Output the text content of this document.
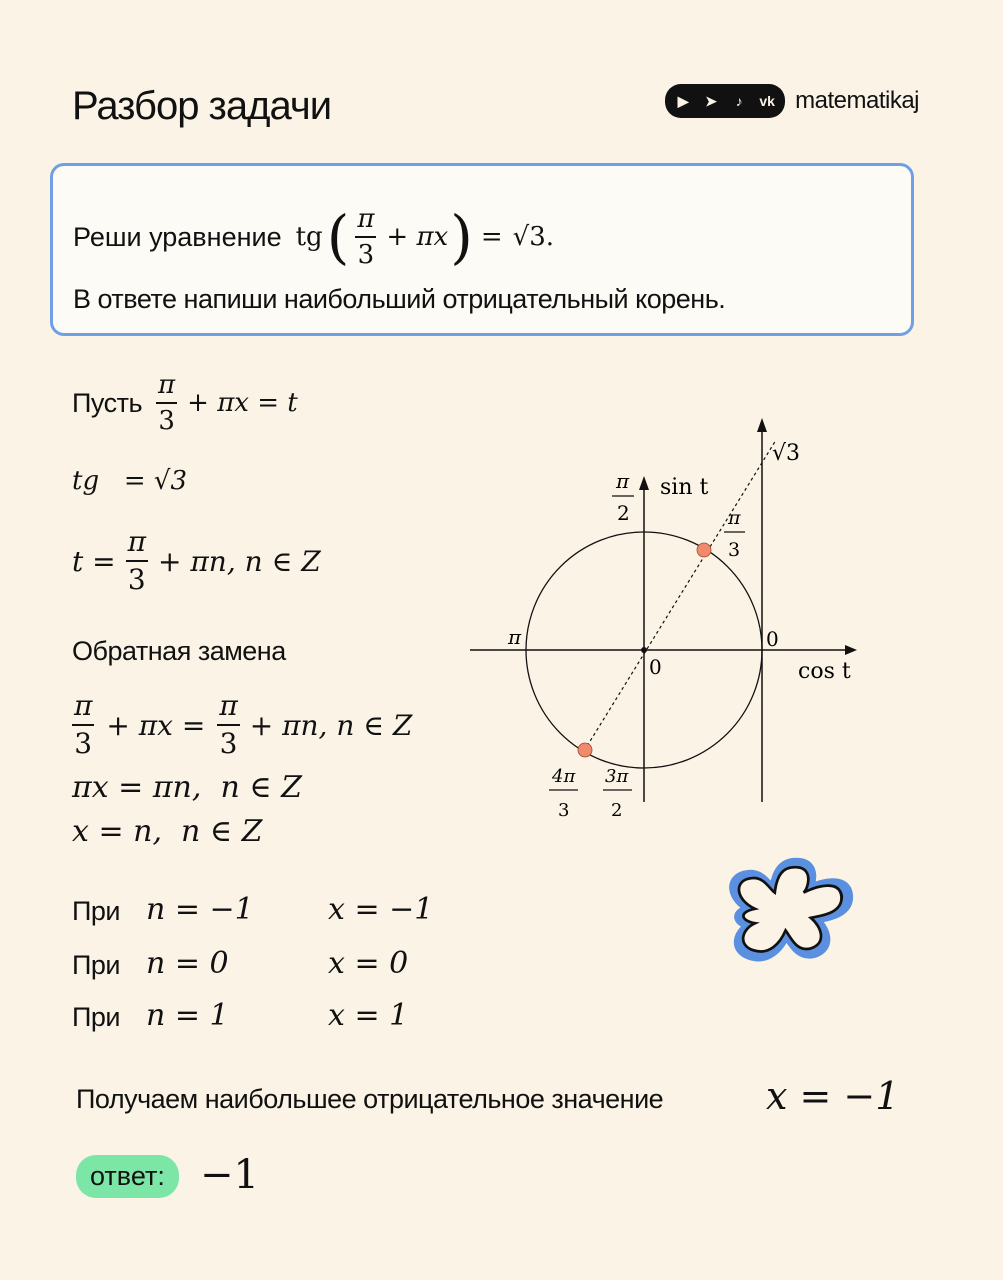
Разбор задачи	▶	➤	♪	vk matematikaj
Реши уравнение tg ( $\frac{\pi}{3} + \pi x$ ) = √3 .
В ответе напиши наибольший отрицательный корень.
Пусть $\frac{\pi}{3} + \pi x = t$
tg   = √3
$t = \frac{\pi}{3} + \pi n$, n ∈ Z
Обратная замена
$\frac{\pi}{3} + \pi x = \frac{\pi}{3} + \pi n$, n ∈ Z
πx = πn,  n ∈ Z
x = n,  n ∈ Z
При n = −1 x = −1
При n = 0	x = 0
При n = 1	x = 1
Получаем наибольшее отрицательное значение	x = −1
ответ: −1
√3
sin t
cos t
π
2	π
3
π	0
0
4π
3
3π
2
